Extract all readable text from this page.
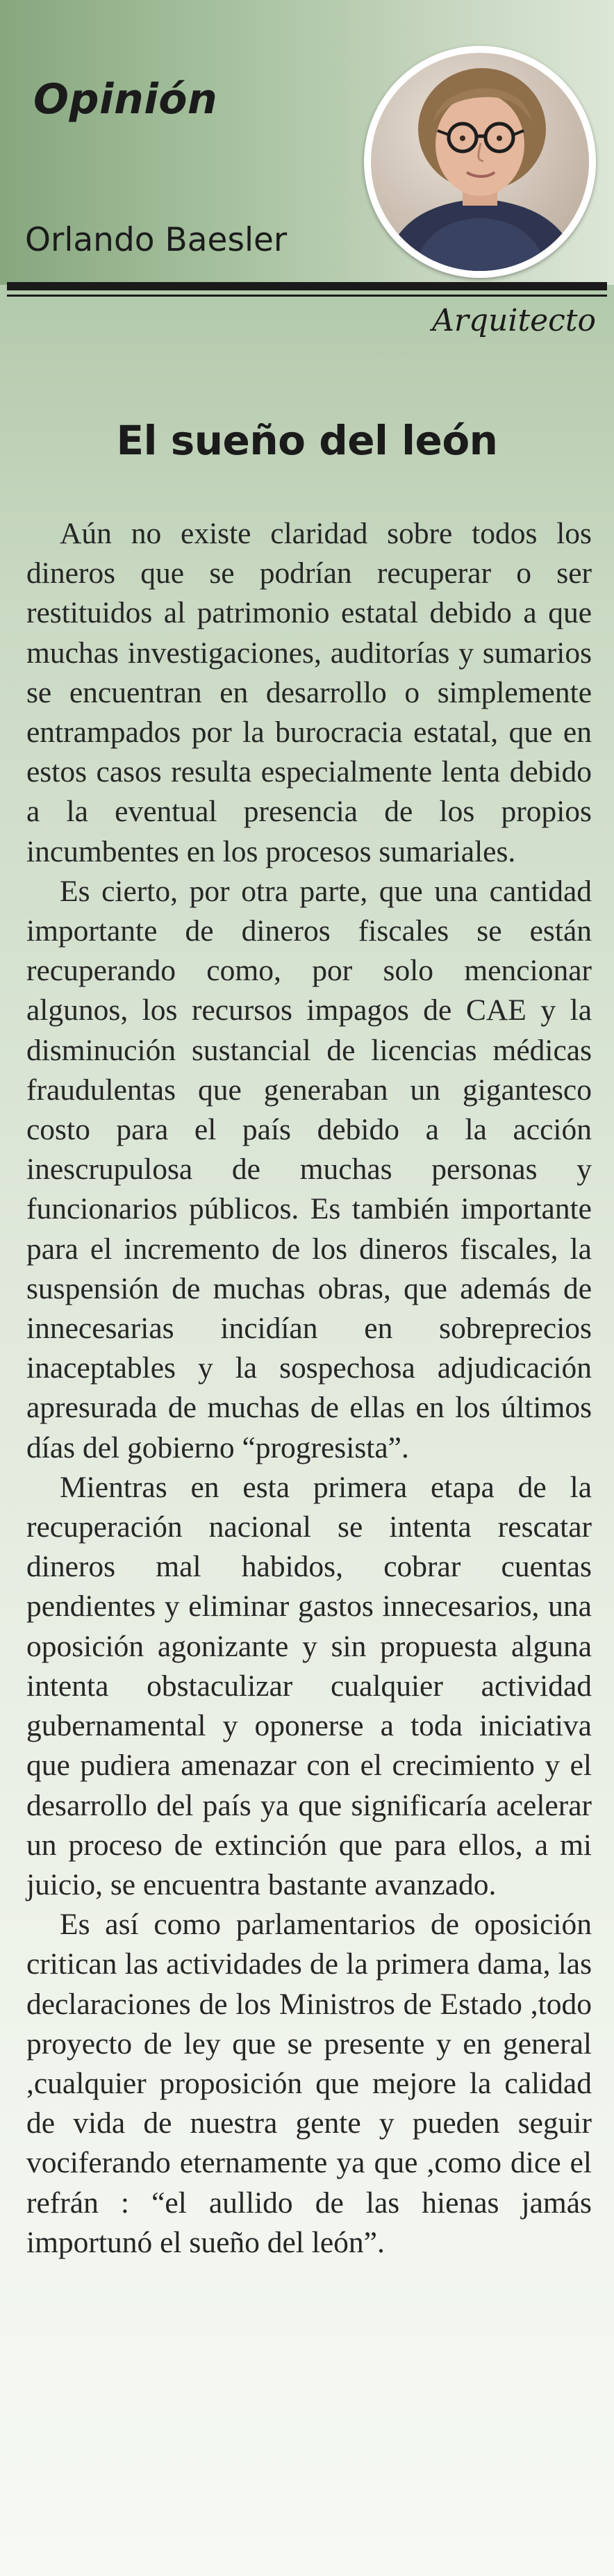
Opinión
Orlando Baesler
Arquitecto
El sueño del león

Aún no existe claridad sobre todos los dineros que se podrían recuperar o ser restituidos al patrimonio estatal debido a que muchas investigaciones, auditorías y sumarios se encuentran en desarrollo o simplemente entrampados por la burocracia estatal, que en estos casos resulta especialmente lenta debido a la eventual presencia de los propios incumbentes en los procesos sumariales.

Es cierto, por otra parte, que una cantidad importante de dineros fiscales se están recuperando como, por solo mencionar algunos, los recursos impagos de CAE y la disminución sustancial de licencias médicas fraudulentas que generaban un gigantesco costo para el país debido a la acción inescrupulosa de muchas personas y funcionarios públicos. Es también importante para el incremento de los dineros fiscales, la suspensión de muchas obras, que además de innecesarias incidían en sobreprecios inaceptables y la sospechosa adjudicación apresurada de muchas de ellas en los últimos días del gobierno “progresista”.

Mientras en esta primera etapa de la recuperación nacional se intenta rescatar dineros mal habidos, cobrar cuentas pendientes y eliminar gastos innecesarios, una oposición agonizante y sin propuesta alguna intenta obstaculizar cualquier actividad gubernamental y oponerse a toda iniciativa que pudiera amenazar con el crecimiento y el desarrollo del país ya que significaría acelerar un proceso de extinción que para ellos, a mi juicio, se encuentra bastante avanzado.

Es así como parlamentarios de oposición critican las actividades de la primera dama, las declaraciones de los Ministros de Estado ,todo proyecto de ley que se presente y en general ,cualquier proposición que mejore la calidad de vida de nuestra gente y pueden seguir vociferando eternamente ya que ,como dice el refrán : “el aullido de las hienas jamás importunó el sueño del león”.
